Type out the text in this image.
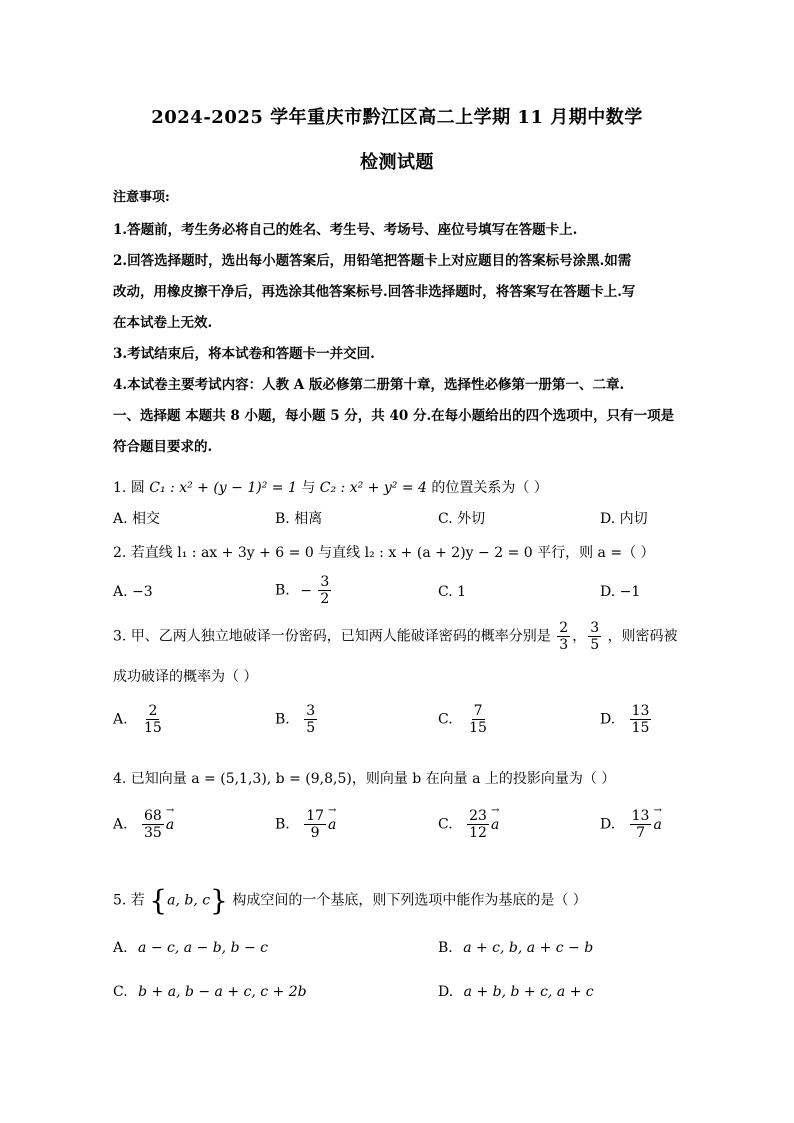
2024-2025 学年重庆市黔江区高二上学期 11 月期中数学
检测试题
注意事项:
1.答题前，考生务必将自己的姓名、考生号、考场号、座位号填写在答题卡上.
2.回答选择题时，选出每小题答案后，用铅笔把答题卡上对应题目的答案标号涂黑.如需
改动，用橡皮擦干净后，再选涂其他答案标号.回答非选择题时，将答案写在答题卡上.写
在本试卷上无效.
3.考试结束后，将本试卷和答题卡一并交回.
4.本试卷主要考试内容：人教 A 版必修第二册第十章，选择性必修第一册第一、二章.
一、选择题 本题共 8 小题，每小题 5 分，共 40 分.在每小题给出的四个选项中，只有一项是
符合题目要求的.
1. 圆 C₁ : x² + (y − 1)² = 1 与 C₂ : x² + y² = 4 的位置关系为（ ）
A. 相交	B. 相离	C. 外切	D. 内切
2. 若直线 l₁ : ax + 3y + 6 = 0 与直线 l₂ : x + (a + 2)y − 2 = 0 平行，则 a =（ ）
A. −3	B. − $\frac{3}{2}$	C. 1	D. −1
3. 甲、乙两人独立地破译一份密码，已知两人能破译密码的概率分别是 $\frac{2}{3}$ ， $\frac{3}{5}$ ，则密码被
成功破译的概率为（ ）
A. $\frac{2}{15}$	B. $\frac{3}{5}$	C. $\frac{7}{15}$	D. $\frac{13}{15}$
4. 已知向量 a = (5,1,3), b = (9,8,5)，则向量 b 在向量 a 上的投影向量为（ ）
A. $\frac{68}{35}$
→ a	B. $\frac{17}{9}$
→ a	C. $\frac{23}{12}$
→ a	D. $\frac{13}{7}$
→ a
5. 若 {a, b, c} 构成空间的一个基底，则下列选项中能作为基底的是（ ）
A. a − c, a − b, b − c	B. a + c, b, a + c − b
C. b + a, b − a + c, c + 2b	D. a + b, b + c, a + c
